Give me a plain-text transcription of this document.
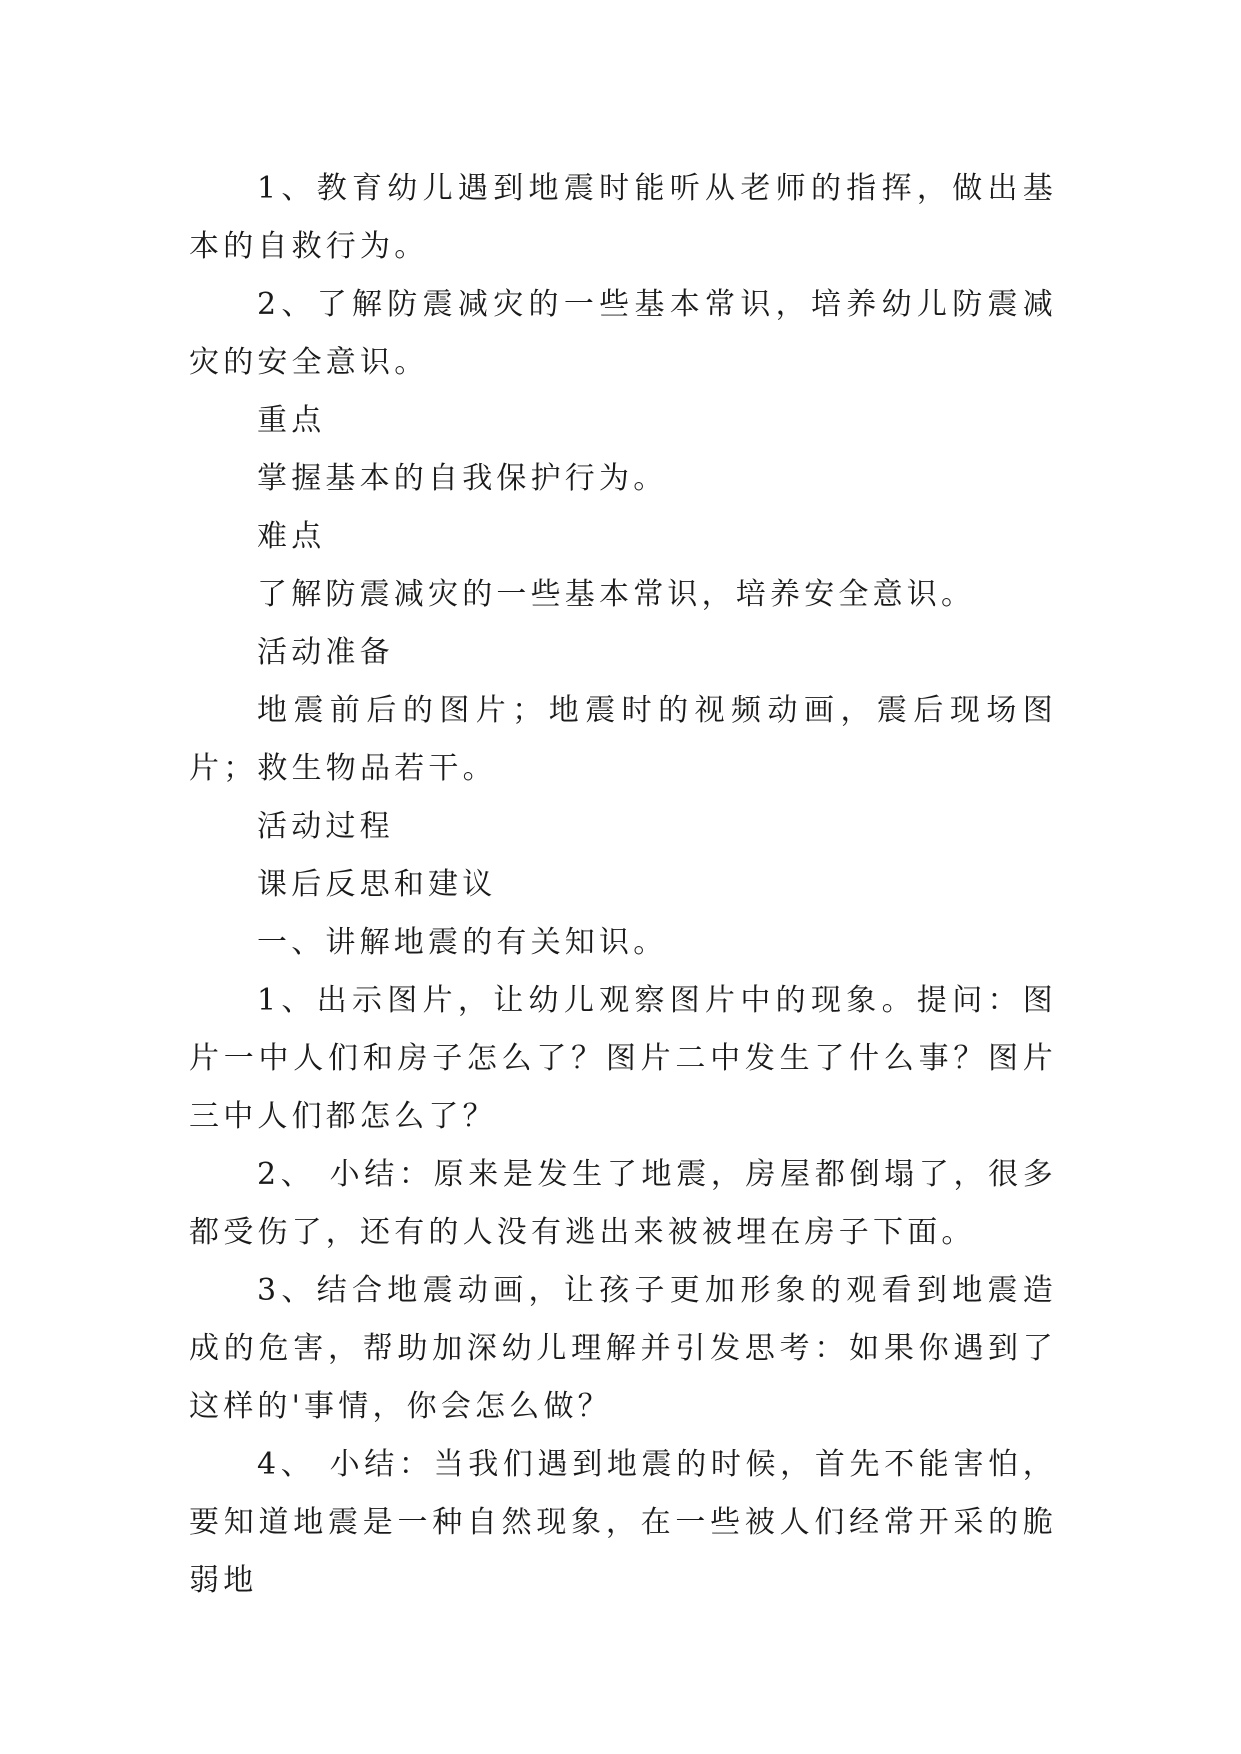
1、教育幼儿遇到地震时能听从老师的指挥，做出基本的自救行为。

2、了解防震减灾的一些基本常识，培养幼儿防震减灾的安全意识。

重点

掌握基本的自我保护行为。

难点

了解防震减灾的一些基本常识，培养安全意识。

活动准备

地震前后的图片；地震时的视频动画，震后现场图片；救生物品若干。

活动过程

课后反思和建议

一、讲解地震的有关知识。

1、出示图片，让幼儿观察图片中的现象。提问：图片一中人们和房子怎么了？图片二中发生了什么事？图片三中人们都怎么了？

2、 小结：原来是发生了地震，房屋都倒塌了，很多都受伤了，还有的人没有逃出来被被埋在房子下面。

3、结合地震动画，让孩子更加形象的观看到地震造成的危害，帮助加深幼儿理解并引发思考：如果你遇到了这样的'事情，你会怎么做？

4、 小结：当我们遇到地震的时候，首先不能害怕，要知道地震是一种自然现象，在一些被人们经常开采的脆弱地
